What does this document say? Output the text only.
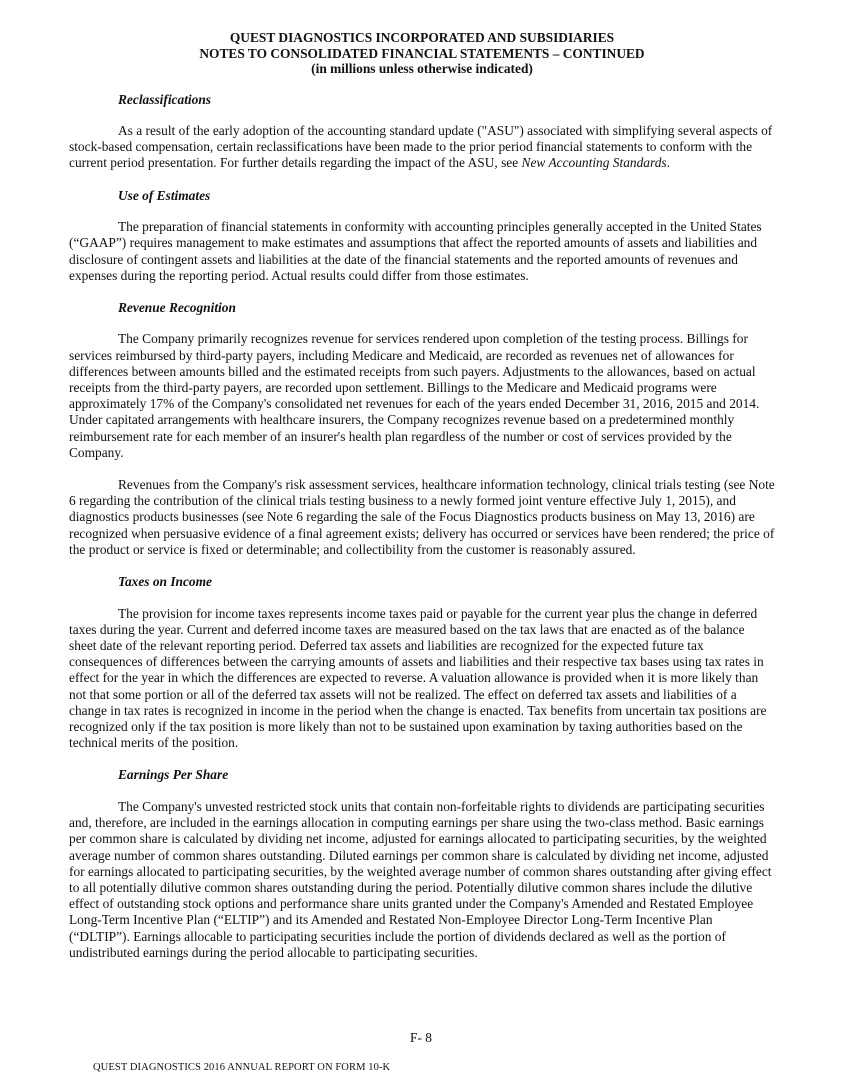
QUEST DIAGNOSTICS INCORPORATED AND SUBSIDIARIES
NOTES TO CONSOLIDATED FINANCIAL STATEMENTS – CONTINUED
(in millions unless otherwise indicated)
Reclassifications

As a result of the early adoption of the accounting standard update ("ASU") associated with simplifying several aspects of stock-based compensation, certain reclassifications have been made to the prior period financial statements to conform with the current period presentation. For further details regarding the impact of the ASU, see New Accounting Standards.

Use of Estimates

The preparation of financial statements in conformity with accounting principles generally accepted in the United States (“GAAP”) requires management to make estimates and assumptions that affect the reported amounts of assets and liabilities and disclosure of contingent assets and liabilities at the date of the financial statements and the reported amounts of revenues and expenses during the reporting period. Actual results could differ from those estimates.

Revenue Recognition

The Company primarily recognizes revenue for services rendered upon completion of the testing process. Billings for services reimbursed by third-party payers, including Medicare and Medicaid, are recorded as revenues net of allowances for differences between amounts billed and the estimated receipts from such payers. Adjustments to the allowances, based on actual receipts from the third-party payers, are recorded upon settlement. Billings to the Medicare and Medicaid programs were approximately 17% of the Company's consolidated net revenues for each of the years ended December 31, 2016, 2015 and 2014. Under capitated arrangements with healthcare insurers, the Company recognizes revenue based on a predetermined monthly reimbursement rate for each member of an insurer's health plan regardless of the number or cost of services provided by the Company.

Revenues from the Company's risk assessment services, healthcare information technology, clinical trials testing (see Note 6 regarding the contribution of the clinical trials testing business to a newly formed joint venture effective July 1, 2015), and diagnostics products businesses (see Note 6 regarding the sale of the Focus Diagnostics products business on May 13, 2016) are recognized when persuasive evidence of a final agreement exists; delivery has occurred or services have been rendered; the price of the product or service is fixed or determinable; and collectibility from the customer is reasonably assured.

Taxes on Income

The provision for income taxes represents income taxes paid or payable for the current year plus the change in deferred taxes during the year. Current and deferred income taxes are measured based on the tax laws that are enacted as of the balance sheet date of the relevant reporting period. Deferred tax assets and liabilities are recognized for the expected future tax consequences of differences between the carrying amounts of assets and liabilities and their respective tax bases using tax rates in effect for the year in which the differences are expected to reverse. A valuation allowance is provided when it is more likely than not that some portion or all of the deferred tax assets will not be realized. The effect on deferred tax assets and liabilities of a change in tax rates is recognized in income in the period when the change is enacted. Tax benefits from uncertain tax positions are recognized only if the tax position is more likely than not to be sustained upon examination by taxing authorities based on the technical merits of the position.

Earnings Per Share

The Company's unvested restricted stock units that contain non-forfeitable rights to dividends are participating securities and, therefore, are included in the earnings allocation in computing earnings per share using the two-class method. Basic earnings per common share is calculated by dividing net income, adjusted for earnings allocated to participating securities, by the weighted average number of common shares outstanding. Diluted earnings per common share is calculated by dividing net income, adjusted for earnings allocated to participating securities, by the weighted average number of common shares outstanding after giving effect to all potentially dilutive common shares outstanding during the period. Potentially dilutive common shares include the dilutive effect of outstanding stock options and performance share units granted under the Company's Amended and Restated Employee Long-Term Incentive Plan (“ELTIP”) and its Amended and Restated Non-Employee Director Long-Term Incentive Plan (“DLTIP”). Earnings allocable to participating securities include the portion of dividends declared as well as the portion of undistributed earnings during the period allocable to participating securities.

F- 8
QUEST DIAGNOSTICS 2016 ANNUAL REPORT ON FORM 10-K
